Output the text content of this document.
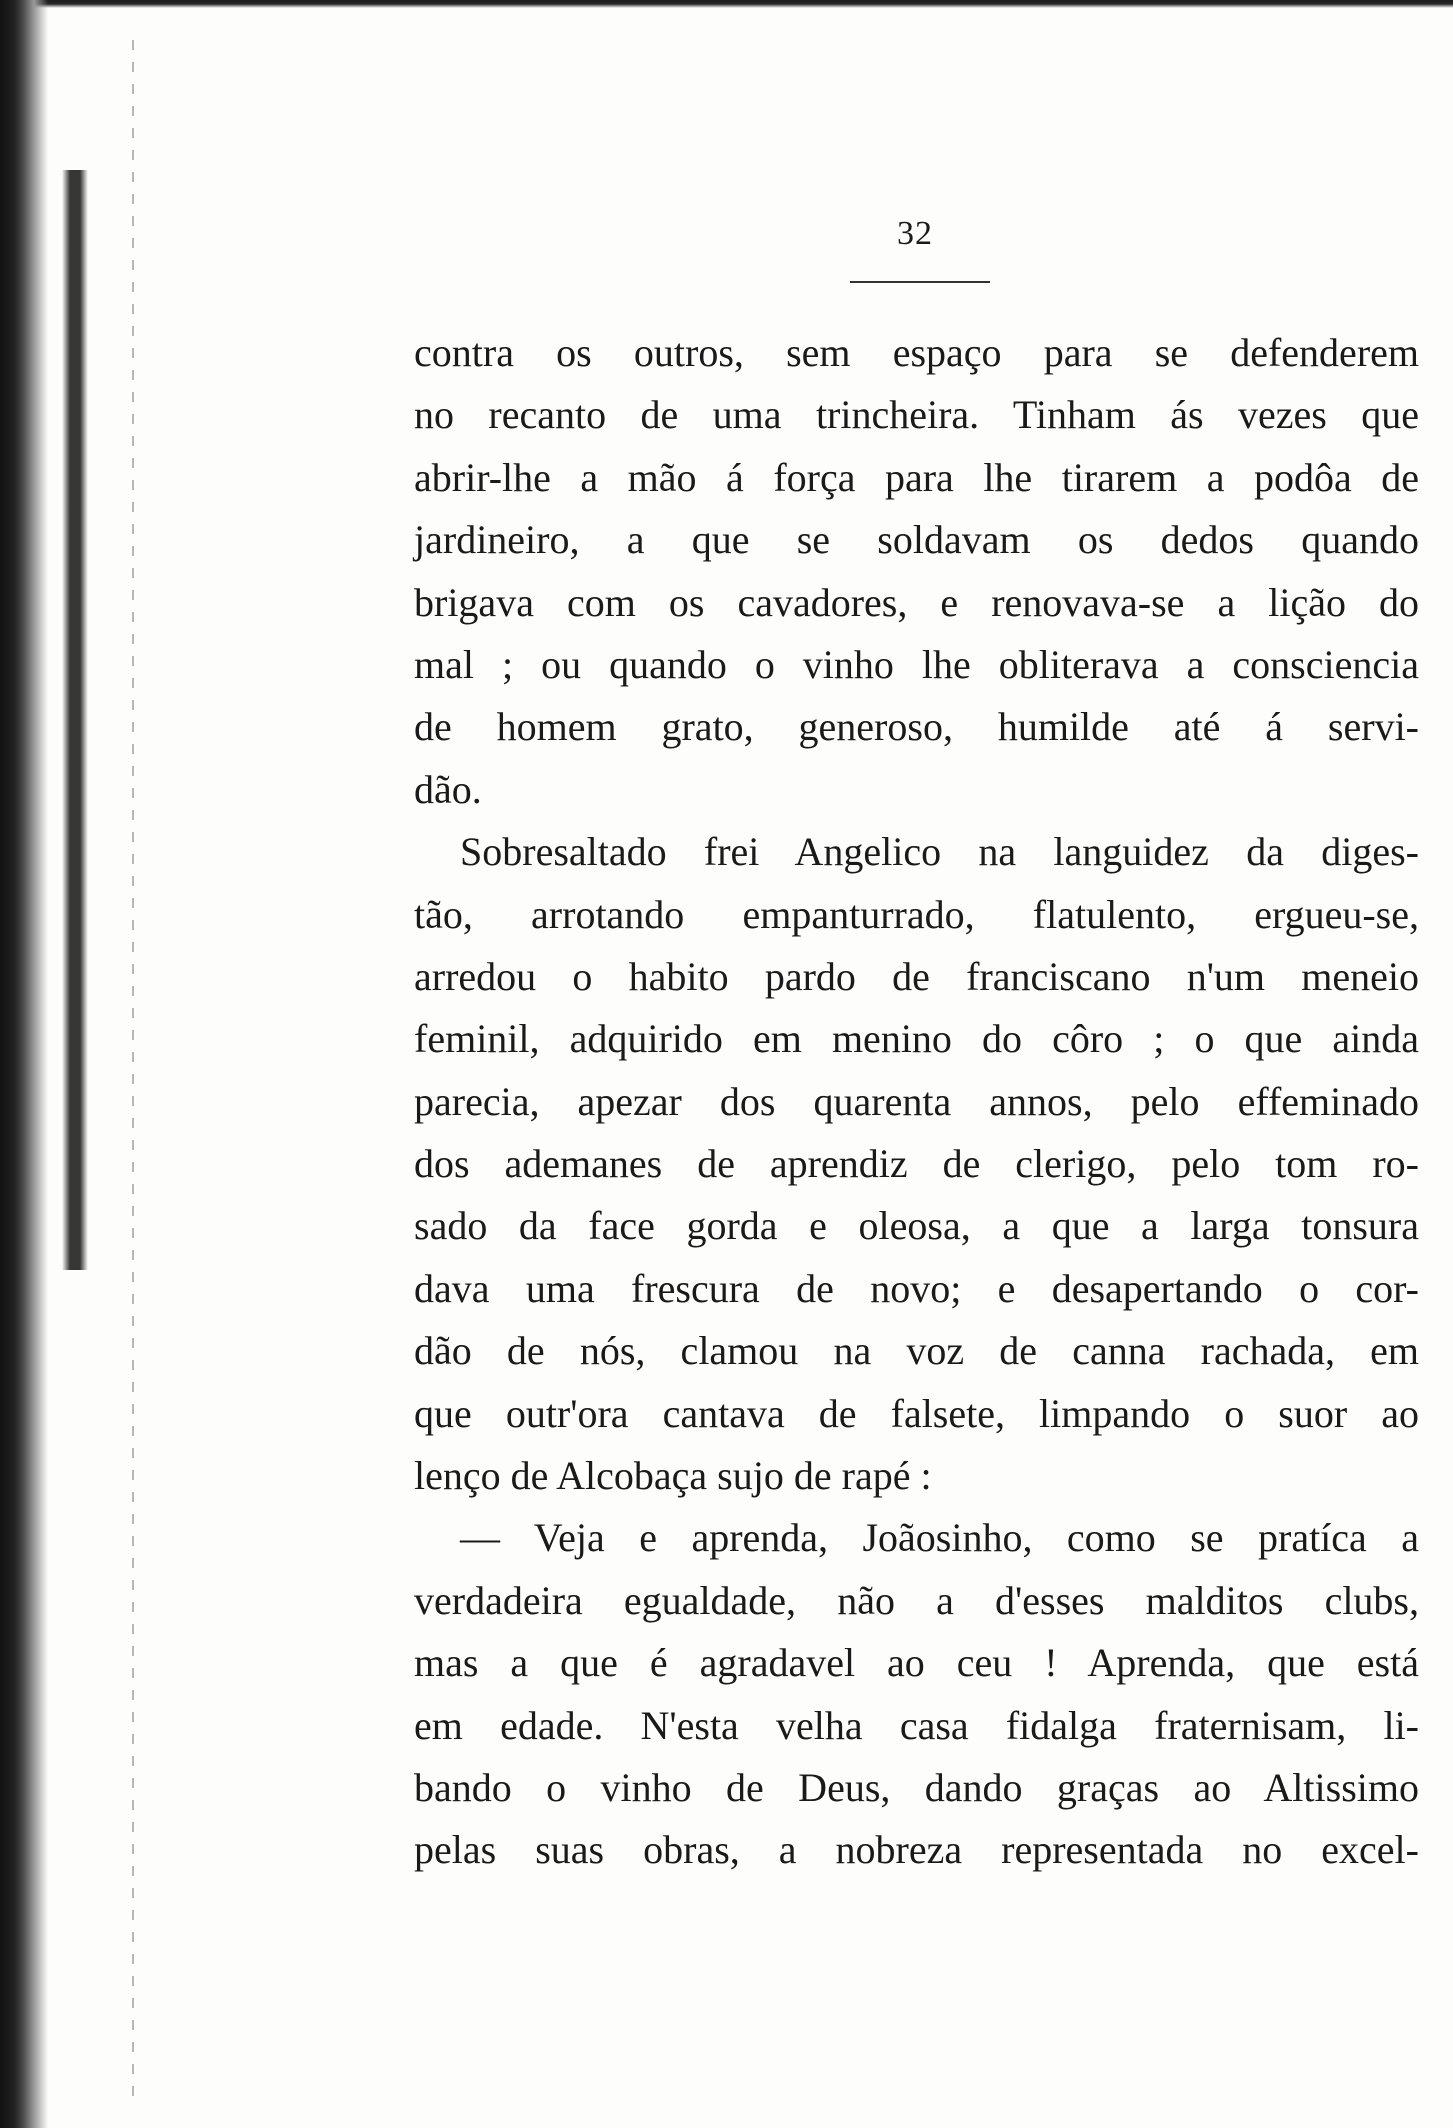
32
contra os outros, sem espaço para se defenderem
no recanto de uma trincheira. Tinham ás vezes que
abrir-lhe a mão á força para lhe tirarem a podôa de
jardineiro, a que se soldavam os dedos quando
brigava com os cavadores, e renovava-se a lição do
mal ; ou quando o vinho lhe obliterava a consciencia
de homem grato, generoso, humilde até á servi-
dão.
Sobresaltado frei Angelico na languidez da diges-
tão, arrotando empanturrado, flatulento, ergueu-se,
arredou o habito pardo de franciscano n'um meneio
feminil, adquirido em menino do côro ; o que ainda
parecia, apezar dos quarenta annos, pelo effeminado
dos ademanes de aprendiz de clerigo, pelo tom ro-
sado da face gorda e oleosa, a que a larga tonsura
dava uma frescura de novo; e desapertando o cor-
dão de nós, clamou na voz de canna rachada, em
que outr'ora cantava de falsete, limpando o suor ao
lenço de Alcobaça sujo de rapé :
— Veja e aprenda, Joãosinho, como se pratíca a
verdadeira egualdade, não a d'esses malditos clubs,
mas a que é agradavel ao ceu ! Aprenda, que está
em edade. N'esta velha casa fidalga fraternisam, li-
bando o vinho de Deus, dando graças ao Altissimo
pelas suas obras, a nobreza representada no excel-
